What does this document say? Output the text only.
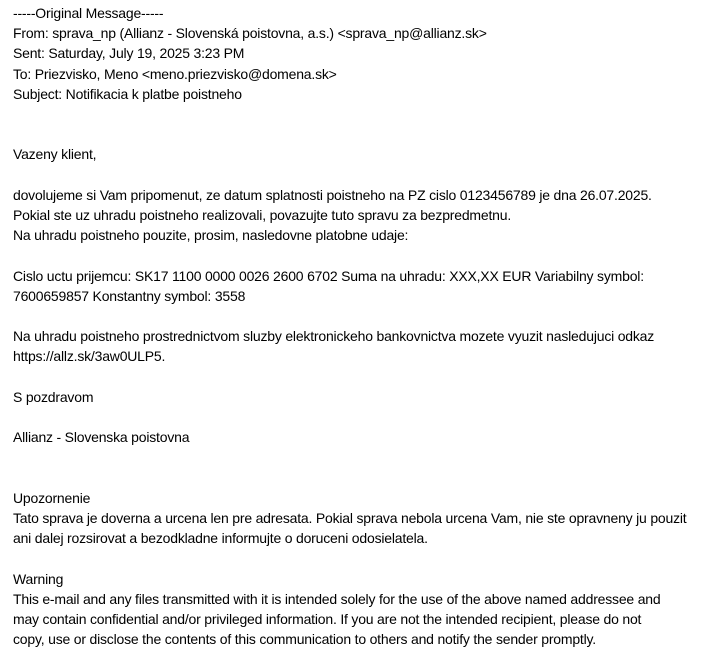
-----Original Message-----
From: sprava_np (Allianz - Slovenská poistovna, a.s.) <sprava_np@allianz.sk>
Sent: Saturday, July 19, 2025 3:23 PM
To: Priezvisko, Meno <meno.priezvisko@domena.sk>
Subject: Notifikacia k platbe poistneho
Vazeny klient,
dovolujeme si Vam pripomenut, ze datum splatnosti poistneho na PZ cislo 0123456789 je dna 26.07.2025.
Pokial ste uz uhradu poistneho realizovali, povazujte tuto spravu za bezpredmetnu.
Na uhradu poistneho pouzite, prosim, nasledovne platobne udaje:
Cislo uctu prijemcu: SK17 1100 0000 0026 2600 6702 Suma na uhradu: XXX,XX EUR Variabilny symbol:
7600659857 Konstantny symbol: 3558
Na uhradu poistneho prostrednictvom sluzby elektronickeho bankovnictva mozete vyuzit nasledujuci odkaz
https://allz.sk/3aw0ULP5.
S pozdravom
Allianz - Slovenska poistovna
Upozornenie
Tato sprava je doverna a urcena len pre adresata. Pokial sprava nebola urcena Vam, nie ste opravneny ju pouzit
ani dalej rozsirovat a bezodkladne informujte o doruceni odosielatela.
Warning
This e-mail and any files transmitted with it is intended solely for the use of the above named addressee and
may contain confidential and/or privileged information. If you are not the intended recipient, please do not
copy, use or disclose the contents of this communication to others and notify the sender promptly.
